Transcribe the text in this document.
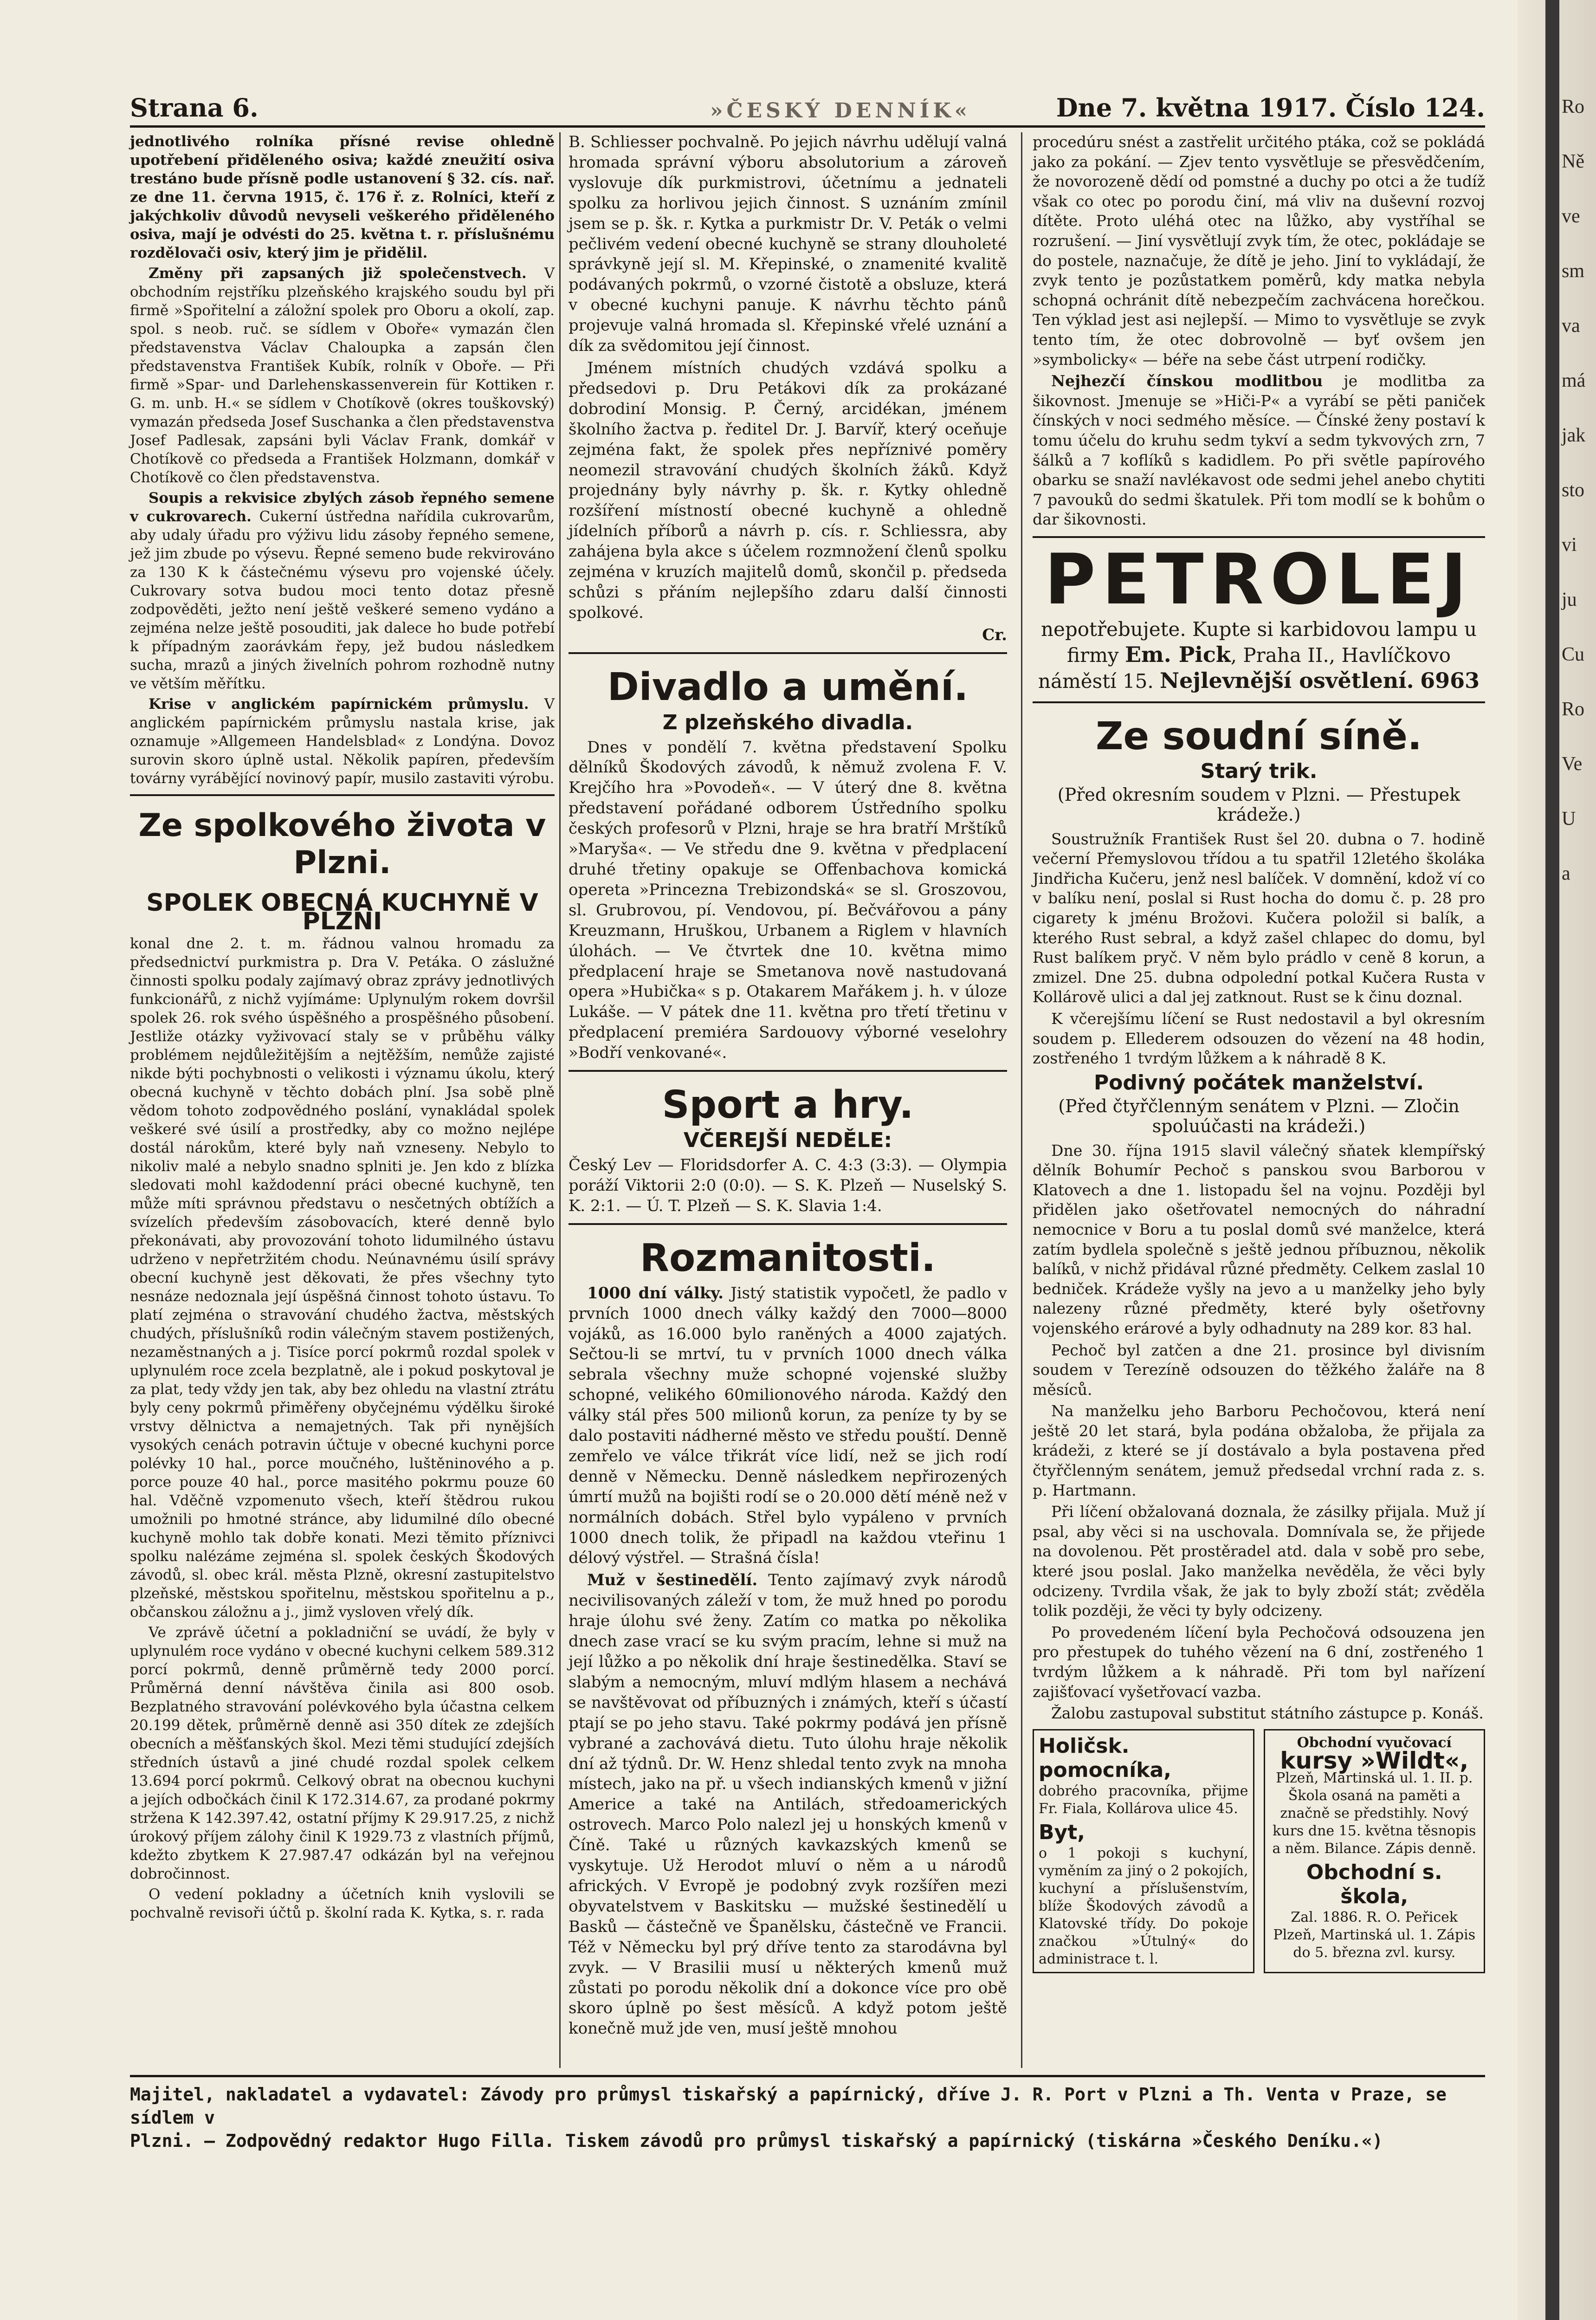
Ro
Ně
ve
sm
va
má
jak
sto
vi
ju
Cu
Ro
Ve
U
a
Strana 6.	»ČESKÝ DENNÍK«	Dne 7. května 1917. Číslo 124.

jednotlivého rolníka přísné revise ohledně upotřebení přiděleného osiva; každé zneužití osiva trestáno bude přísně podle ustanovení § 32. cís. nař. ze dne 11. června 1915, č. 176 ř. z. Rolníci, kteří z jakýchkoliv důvodů nevyseli veškerého přiděleného osiva, mají je odvésti do 25. května t. r. příslušnému rozdělovači osiv, který jim je přidělil.

Změny při zapsaných již společenstvech. V obchodním rejstříku plzeňského krajského soudu byl při firmě »Spořitelní a záložní spolek pro Oboru a okolí, zap. spol. s neob. ruč. se sídlem v Oboře« vymazán člen představenstva Václav Chaloupka a zapsán člen představenstva František Kubík, rolník v Oboře. — Při firmě »Spar- und Darlehenskassenverein für Kottiken r. G. m. unb. H.« se sídlem v Chotíkově (okres touškovský) vymazán předseda Josef Suschanka a člen představenstva Josef Padlesak, zapsáni byli Václav Frank, domkář v Chotíkově co předseda a František Holzmann, domkář v Chotíkově co člen představenstva.

Soupis a rekvisice zbylých zásob řepného semene v cukrovarech. Cukerní ústředna nařídila cukrovarům, aby udaly úřadu pro výživu lidu zásoby řepného semene, jež jim zbude po výsevu. Řepné semeno bude rekvirováno za 130 K k částečnému výsevu pro vojenské účely. Cukrovary sotva budou moci tento dotaz přesně zodpověděti, ježto není ještě veškeré semeno vydáno a zejména nelze ještě posouditi, jak dalece ho bude potřebí k případným zaorávkám řepy, jež budou následkem sucha, mrazů a jiných živelních pohrom rozhodně nutny ve větším měřítku.

Krise v anglickém papírnickém průmyslu. V anglickém papírnickém průmyslu nastala krise, jak oznamuje »Allgemeen Handelsblad« z Londýna. Dovoz surovin skoro úplně ustal. Několik papíren, především továrny vyrábějící novinový papír, musilo zastaviti výrobu.

Ze spolkového života v Plzni.
SPOLEK OBECNÁ KUCHYNĚ V PLZNI

konal dne 2. t. m. řádnou valnou hromadu za předsednictví purkmistra p. Dra V. Petáka. O záslužné činnosti spolku podaly zajímavý obraz zprávy jednotlivých funkcionářů, z nichž vyjímáme: Uplynulým rokem dovršil spolek 26. rok svého úspěšného a prospěšného působení. Jestliže otázky vyživovací staly se v průběhu války problémem nejdůležitějším a nejtěžším, nemůže zajisté nikde býti pochybnosti o velikosti i významu úkolu, který obecná kuchyně v těchto dobách plní. Jsa sobě plně vědom tohoto zodpovědného poslání, vynakládal spolek veškeré své úsilí a prostředky, aby co možno nejlépe dostál nárokům, které byly naň vzneseny. Nebylo to nikoliv malé a nebylo snadno splniti je. Jen kdo z blízka sledovati mohl každodenní práci obecné kuchyně, ten může míti správnou představu o nesčetných obtížích a svízelích především zásobovacích, které denně bylo překonávati, aby provozování tohoto lidumilného ústavu udrženo v nepřetržitém chodu. Neúnavnému úsilí správy obecní kuchyně jest děkovati, že přes všechny tyto nesnáze nedoznala její úspěšná činnost tohoto ústavu. To platí zejména o stravování chudého žactva, městských chudých, příslušníků rodin válečným stavem postižených, nezaměstnaných a j. Tisíce porcí pokrmů rozdal spolek v uplynulém roce zcela bezplatně, ale i pokud poskytoval je za plat, tedy vždy jen tak, aby bez ohledu na vlastní ztrátu byly ceny pokrmů přiměřeny obyčejnému výdělku široké vrstvy dělnictva a nemajetných. Tak při nynějších vysokých cenách potravin účtuje v obecné kuchyni porce polévky 10 hal., porce moučného, luštěninového a p. porce pouze 40 hal., porce masitého pokrmu pouze 60 hal. Vděčně vzpomenuto všech, kteří štědrou rukou umožnili po hmotné stránce, aby lidumilné dílo obecné kuchyně mohlo tak dobře konati. Mezi těmito příznivci spolku nalézáme zejména sl. spolek českých Škodových závodů, sl. obec král. města Plzně, okresní zastupitelstvo plzeňské, městskou spořitelnu, městskou spořitelnu a p., občanskou záložnu a j., jimž vysloven vřelý dík.

Ve zprávě účetní a pokladniční se uvádí, že byly v uplynulém roce vydáno v obecné kuchyni celkem 589.312 porcí pokrmů, denně průměrně tedy 2000 porcí. Průměrná denní návštěva činila asi 800 osob. Bezplatného stravování polévkového byla účastna celkem 20.199 dětek, průměrně denně asi 350 dítek ze zdejších obecních a měšťanských škol. Mezi těmi studující zdejších středních ústavů a jiné chudé rozdal spolek celkem 13.694 porcí pokrmů. Celkový obrat na obecnou kuchyni a jejích odbočkách činil K 172.314.67, za prodané pokrmy stržena K 142.397.42, ostatní příjmy K 29.917.25, z nichž úrokový příjem zálohy činil K 1929.73 z vlastních příjmů, kdežto zbytkem K 27.987.47 odkázán byl na veřejnou dobročinnost.

O vedení pokladny a účetních knih vyslovili se pochvalně revisoři účtů p. školní rada K. Kytka, s. r. rada

B. Schliesser pochvalně. Po jejich návrhu udělují valná hromada správní výboru absolutorium a zároveň vyslovuje dík purkmistrovi, účetnímu a jednateli spolku za horlivou jejich činnost. S uznáním zmínil jsem se p. šk. r. Kytka a purkmistr Dr. V. Peták o velmi pečlivém vedení obecné kuchyně se strany dlouholeté správkyně její sl. M. Křepinské, o znamenité kvalitě podávaných pokrmů, o vzorné čistotě a obsluze, která v obecné kuchyni panuje. K návrhu těchto pánů projevuje valná hromada sl. Křepinské vřelé uznání a dík za svědomitou její činnost.

Jménem místních chudých vzdává spolku a předsedovi p. Dru Petákovi dík za prokázané dobrodiní Monsig. P. Černý, arcidékan, jménem školního žactva p. ředitel Dr. J. Barvíř, který oceňuje zejména fakt, že spolek přes nepříznivé poměry neomezil stravování chudých školních žáků. Když projednány byly návrhy p. šk. r. Kytky ohledně rozšíření místností obecné kuchyně a ohledně jídelních příborů a návrh p. cís. r. Schliessra, aby zahájena byla akce s účelem rozmnožení členů spolku zejména v kruzích majitelů domů, skončil p. předseda schůzi s přáním nejlepšího zdaru další činnosti spolkové.

Cr.
Divadlo a umění.
Z plzeňského divadla.

Dnes v pondělí 7. května představení Spolku dělníků Škodových závodů, k němuž zvolena F. V. Krejčího hra »Povodeň«. — V úterý dne 8. května představení pořádané odborem Ústředního spolku českých profesorů v Plzni, hraje se hra bratří Mrštíků »Maryša«. — Ve středu dne 9. května v předplacení druhé třetiny opakuje se Offenbachova komická opereta »Princezna Trebizondská« se sl. Groszovou, sl. Grubrovou, pí. Vendovou, pí. Bečvářovou a pány Kreuzmann, Hruškou, Urbanem a Riglem v hlavních úlohách. — Ve čtvrtek dne 10. května mimo předplacení hraje se Smetanova nově nastudovaná opera »Hubička« s p. Otakarem Mařákem j. h. v úloze Lukáše. — V pátek dne 11. května pro třetí třetinu v předplacení premiéra Sardouovy výborné veselohry »Bodří venkované«.

Sport a hry.
VČEREJŠÍ NEDĚLE:

Český Lev — Floridsdorfer A. C. 4:3 (3:3). — Olympia poráží Viktorii 2:0 (0:0). — S. K. Plzeň — Nuselský S. K. 2:1. — Ú. T. Plzeň — S. K. Slavia 1:4.

Rozmanitosti.

1000 dní války. Jistý statistik vypočetl, že padlo v prvních 1000 dnech války každý den 7000—8000 vojáků, as 16.000 bylo raněných a 4000 zajatých. Sečtou-li se mrtví, tu v prvních 1000 dnech válka sebrala všechny muže schopné vojenské služby schopné, velikého 60milionového národa. Každý den války stál přes 500 milionů korun, za peníze ty by se dalo postaviti nádherné město ve středu pouští. Denně zemřelo ve válce třikrát více lidí, než se jich rodí denně v Německu. Denně následkem nepřirozených úmrtí mužů na bojišti rodí se o 20.000 dětí méně než v normálních dobách. Střel bylo vypáleno v prvních 1000 dnech tolik, že připadl na každou vteřinu 1 délový výstřel. — Strašná čísla!

Muž v šestinedělí. Tento zajímavý zvyk národů necivilisovaných záleží v tom, že muž hned po porodu hraje úlohu své ženy. Zatím co matka po několika dnech zase vrací se ku svým pracím, lehne si muž na její lůžko a po několik dní hraje šestinedělka. Staví se slabým a nemocným, mluví mdlým hlasem a nechává se navštěvovat od příbuzných i známých, kteří s účastí ptají se po jeho stavu. Také pokrmy podává jen přísně vybrané a zachovává dietu. Tuto úlohu hraje několik dní až týdnů. Dr. W. Henz shledal tento zvyk na mnoha místech, jako na př. u všech indianských kmenů v jižní Americe a také na Antilách, středoamerických ostrovech. Marco Polo nalezl jej u honských kmenů v Číně. Také u různých kavkazských kmenů se vyskytuje. Už Herodot mluví o něm a u národů afrických. V Evropě je podobný zvyk rozšířen mezi obyvatelstvem v Baskitsku — mužské šestinedělí u Basků — částečně ve Španělsku, částečně ve Francii. Též v Německu byl prý dříve tento za starodávna byl zvyk. — V Brasilii musí u některých kmenů muž zůstati po porodu několik dní a dokonce více pro obě skoro úplně po šest měsíců. A když potom ještě konečně muž jde ven, musí ještě mnohou

procedúru snést a zastřelit určitého ptáka, což se pokládá jako za pokání. — Zjev tento vysvětluje se přesvědčením, že novorozeně dědí od pomstné a duchy po otci a že tudíž však co otec po porodu činí, má vliv na duševní rozvoj dítěte. Proto uléhá otec na lůžko, aby vystříhal se rozrušení. — Jiní vysvětlují zvyk tím, že otec, pokládaje se do postele, naznačuje, že dítě je jeho. Jiní to vykládají, že zvyk tento je pozůstatkem poměrů, kdy matka nebyla schopná ochránit dítě nebezpečím zachvácena horečkou. Ten výklad jest asi nejlepší. — Mimo to vysvětluje se zvyk tento tím, že otec dobrovolně — byť ovšem jen »symbolicky« — béře na sebe část utrpení rodičky.

Nejhezčí čínskou modlitbou je modlitba za šikovnost. Jmenuje se »Hiči-P« a vyrábí se pěti paniček čínských v noci sedmého měsíce. — Čínské ženy postaví k tomu účelu do kruhu sedm tykví a sedm tykvových zrn, 7 šálků a 7 koflíků s kadidlem. Po při světle papírového obarku se snaží navlékavost ode sedmi jehel anebo chytiti 7 pavouků do sedmi škatulek. Při tom modlí se k bohům o dar šikovnosti.

PETROLEJ
nepotřebujete. Kupte si karbidovou lampu u firmy Em. Pick, Praha II., Havlíčkovo náměstí 15. Nejlevnější osvětlení. 6963
Ze soudní síně.
Starý trik.
(Před okresním soudem v Plzni. — Přestupek krádeže.)

Soustružník František Rust šel 20. dubna o 7. hodině večerní Přemyslovou třídou a tu spatřil 12letého školáka Jindřicha Kučeru, jenž nesl balíček. V domnění, kdož ví co v balíku není, poslal si Rust hocha do domu č. p. 28 pro cigarety k jménu Brožovi. Kučera položil si balík, a kterého Rust sebral, a když zašel chlapec do domu, byl Rust balíkem pryč. V něm bylo prádlo v ceně 8 korun, a zmizel. Dne 25. dubna odpolední potkal Kučera Rusta v Kollárově ulici a dal jej zatknout. Rust se k činu doznal.

K včerejšímu líčení se Rust nedostavil a byl okresním soudem p. Ellederem odsouzen do vězení na 48 hodin, zostřeného 1 tvrdým lůžkem a k náhradě 8 K.

Podivný počátek manželství.
(Před čtyřčlenným senátem v Plzni. — Zločin spoluúčasti na krádeži.)

Dne 30. října 1915 slavil válečný sňatek klempířský dělník Bohumír Pechoč s panskou svou Barborou v Klatovech a dne 1. listopadu šel na vojnu. Později byl přidělen jako ošetřovatel nemocných do náhradní nemocnice v Boru a tu poslal domů své manželce, která zatím bydlela společně s ještě jednou příbuznou, několik balíků, v nichž přidával různé předměty. Celkem zaslal 10 bedniček. Krádeže vyšly na jevo a u manželky jeho byly nalezeny různé předměty, které byly ošetřovny vojenského erárové a byly odhadnuty na 289 kor. 83 hal.

Pechoč byl zatčen a dne 21. prosince byl divisním soudem v Terezíně odsouzen do těžkého žaláře na 8 měsíců.

Na manželku jeho Barboru Pechočovou, která není ještě 20 let stará, byla podána obžaloba, že přijala za krádeži, z které se jí dostávalo a byla postavena před čtyřčlenným senátem, jemuž předsedal vrchní rada z. s. p. Hartmann.

Při líčení obžalovaná doznala, že zásilky přijala. Muž jí psal, aby věci si na uschovala. Domnívala se, že přijede na dovolenou. Pět prostěradel atd. dala v sobě pro sebe, které jsou poslal. Jako manželka nevěděla, že věci byly odcizeny. Tvrdila však, že jak to byly zboží stát; zvěděla tolik později, že věci ty byly odcizeny.

Po provedeném líčení byla Pechočová odsouzena jen pro přestupek do tuhého vězení na 6 dní, zostřeného 1 tvrdým lůžkem a k náhradě. Při tom byl nařízení zajišťovací vyšetřovací vazba.

Žalobu zastupoval substitut státního zástupce p. Konáš.

Holičsk. pomocníka,
dobrého pracovníka, přijme Fr. Fiala, Kollárova ulice 45.
Byt,
o 1 pokoji s kuchyní, vyměním za jiný o 2 pokojích, kuchyní a příslušenstvím, blíže Škodových závodů a Klatovské třídy. Do pokoje značkou »Útulný« do administrace t. l.
Obchodní vyučovací
kursy »Wildt«,
Plzeň, Martinská ul. 1. II. p. Škola osaná na paměti a značně se předstihly. Nový kurs dne 15. května těsnopis a něm. Bilance. Zápis denně.
Obchodní s. škola,
Zal. 1886. R. O. Peřicek Plzeň, Martinská ul. 1. Zápis do 5. března zvl. kursy.
Majitel, nakladatel a vydavatel: Závody pro průmysl tiskařský a papírnický, dříve J. R. Port v Plzni a Th. Venta v Praze, se sídlem v
Plzni. — Zodpovědný redaktor Hugo Filla. Tiskem závodů pro průmysl tiskařský a papírnický (tiskárna »Českého Deníku.«)
